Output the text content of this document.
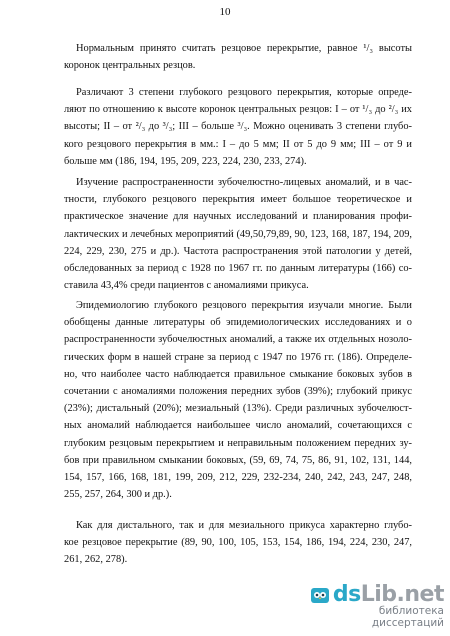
10
Нормальным принято считать резцовое перекрытие, равное ¹/₃ высоты
коронок центральных резцов.
Различают 3 степени глубокого резцового перекрытия, которые опреде-
ляют по отношению к высоте коронок центральных резцов: I – от ¹/₃ до ²/₃ их
высоты; II – от ²/₃ до ³/₃; III – больше ³/₃. Можно оценивать 3 степени глубо-
кого резцового перекрытия в мм.: I – до 5 мм; II от 5 до 9 мм; III – от 9 и
больше мм (186, 194, 195, 209, 223, 224, 230, 233, 274).
Изучение распространенности зубочелюстно-лицевых аномалий, и в час-
тности, глубокого резцового перекрытия имеет большое теоретическое и
практическое значение для научных исследований и планирования профи-
лактических и лечебных мероприятий (49,50,79,89, 90, 123, 168, 187, 194, 209,
224, 229, 230, 275 и др.). Частота распространения этой патологии у детей,
обследованных за период с 1928 по 1967 гг. по данным литературы (166) со-
ставила 43,4% среди пациентов с аномалиями прикуса.
Эпидемиологию глубокого резцового перекрытия изучали многие. Были
обобщены данные литературы об эпидемиологических исследованиях и о
распространенности зубочелюстных аномалий, а также их отдельных нозоло-
гических форм в нашей стране за период с 1947 по 1976 гг. (186). Определе-
но, что наиболее часто наблюдается правильное смыкание боковых зубов в
сочетании с аномалиями положения передних зубов (39%); глубокий прикус
(23%); дистальный (20%); мезиальный (13%). Среди различных зубочелюст-
ных аномалий наблюдается наибольшее число аномалий, сочетающихся с
глубоким резцовым перекрытием и неправильным положением передних зу-
бов при правильном смыкании боковых, (59, 69, 74, 75, 86, 91, 102, 131, 144,
154, 157, 166, 168, 181, 199, 209, 212, 229, 232-234, 240, 242, 243, 247, 248,
255, 257, 264, 300 и др.).
Как для дистального, так и для мезиального прикуса характерно глубо-
кое резцовое перекрытие (89, 90, 100, 105, 153, 154, 186, 194, 224, 230, 247,
261, 262, 278).
dsLib.net
библиотека диссертаций
